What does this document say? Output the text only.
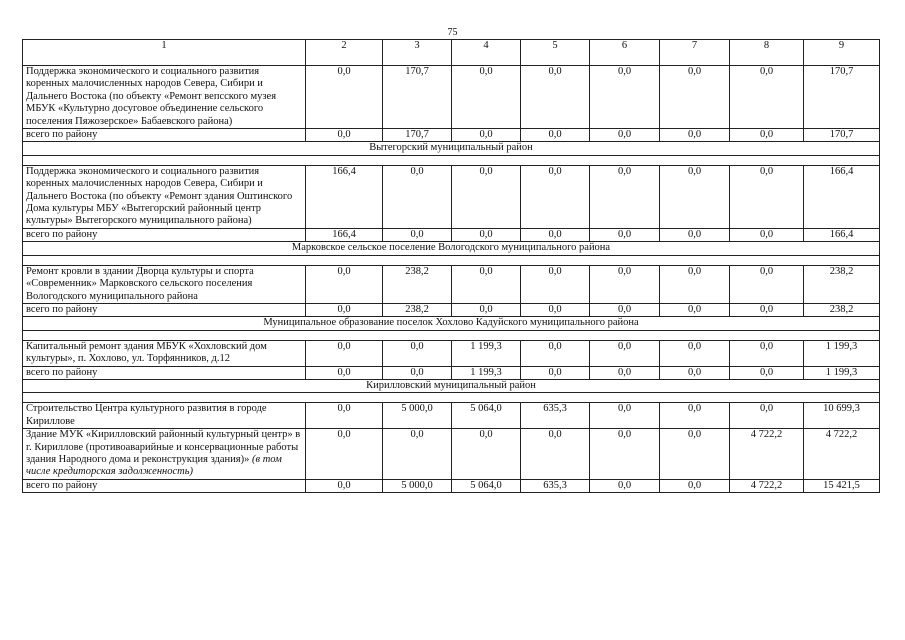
75
1	2	3	4	5	6	7	8	9
Поддержка экономического и социального развития коренных малочисленных народов Севера, Сибири и Дальнего Востока (по объекту «Ремонт вепсского музея МБУК «Культурно досуговое объединение сельского поселения Пяжозерское» Бабаевского района)	0,0	170,7	0,0	0,0	0,0	0,0	0,0	170,7
всего по району	0,0	170,7	0,0	0,0	0,0	0,0	0,0	170,7
Вытегорский муниципальный район								

Поддержка экономического и социального развития коренных малочисленных народов Севера, Сибири и Дальнего Востока (по объекту «Ремонт здания Оштинского Дома культуры МБУ «Вытегорский районный центр культуры» Вытегорского муниципального района)	166,4	0,0	0,0	0,0	0,0	0,0	0,0	166,4
всего по району	166,4	0,0	0,0	0,0	0,0	0,0	0,0	166,4
Марковское сельское поселение Вологодского муниципального района								

Ремонт кровли в здании Дворца культуры и спорта «Современник» Марковского сельского поселения Вологодского муниципального района	0,0	238,2	0,0	0,0	0,0	0,0	0,0	238,2
всего по району	0,0	238,2	0,0	0,0	0,0	0,0	0,0	238,2
Муниципальное образование поселок Хохлово Кадуйского муниципального района								

Капитальный ремонт здания МБУК «Хохловский дом культуры», п. Хохлово, ул. Торфянников, д.12	0,0	0,0	1 199,3	0,0	0,0	0,0	0,0	1 199,3
всего по району	0,0	0,0	1 199,3	0,0	0,0	0,0	0,0	1 199,3
Кирилловский муниципальный район								

Строительство Центра культурного развития в городе Кириллове	0,0	5 000,0	5 064,0	635,3	0,0	0,0	0,0	10 699,3
Здание МУК «Кирилловский районный культурный центр» в г. Кириллове (противоаварийные и консервационные работы здания Народного дома и реконструкция здания)» (в том числе кредиторская задолженность)	0,0	0,0	0,0	0,0	0,0	0,0	4 722,2	4 722,2
всего по району	0,0	5 000,0	5 064,0	635,3	0,0	0,0	4 722,2	15 421,5
